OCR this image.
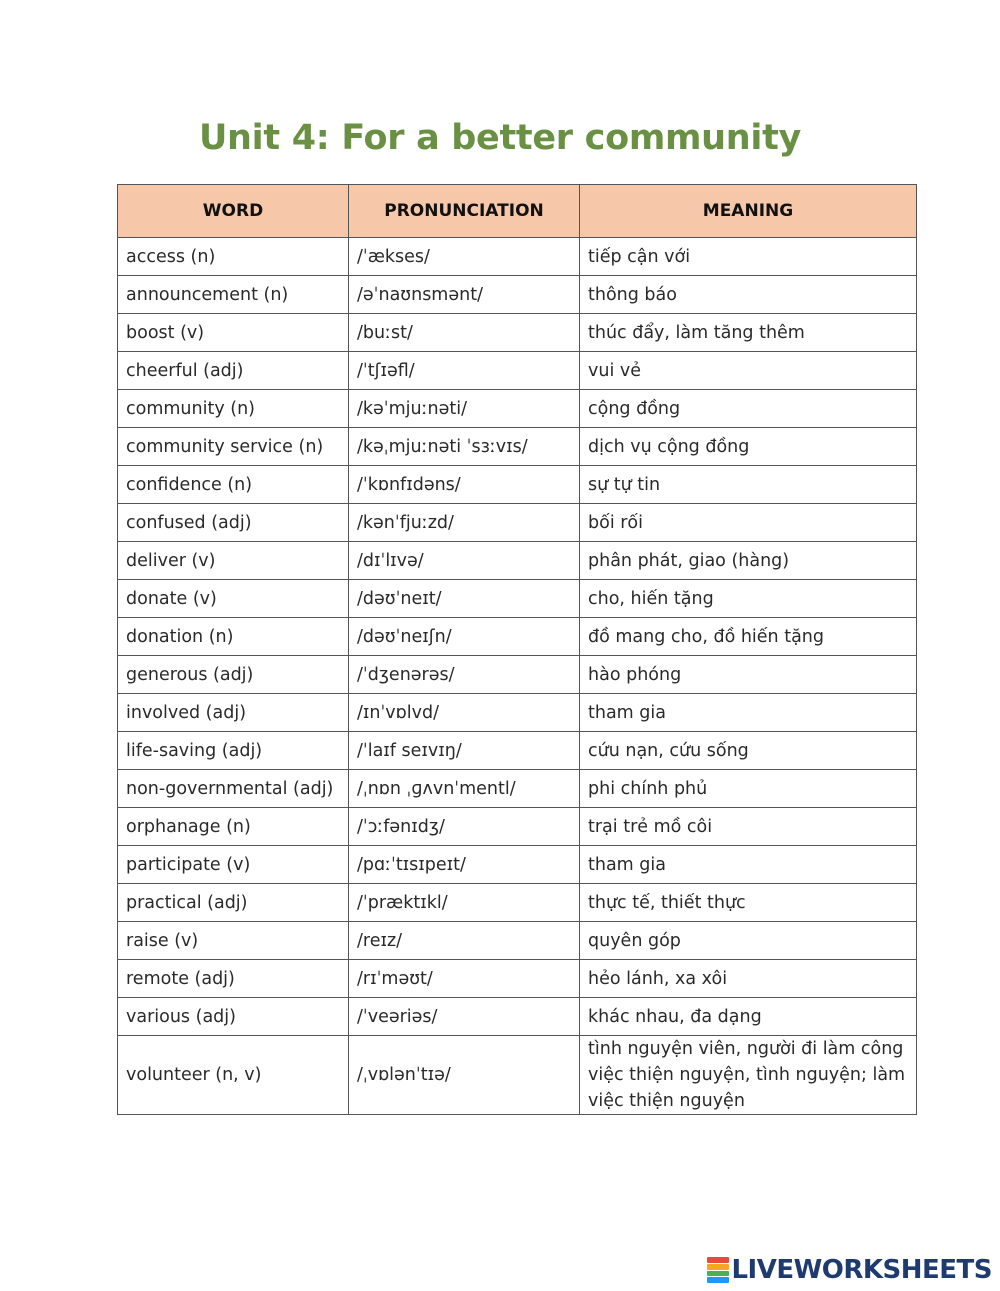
Unit 4: For a better community
WORD	PRONUNCIATION	MEANING
access (n)	/ˈækses/	tiếp cận với
announcement (n)	/əˈnaʊnsmənt/	thông báo
boost (v)	/buːst/	thúc đẩy, làm tăng thêm
cheerful (adj)	/ˈtʃɪəfl/	vui vẻ
community (n)	/kəˈmjuːnəti/	cộng đồng
community service (n)	/kəˌmjuːnəti ˈsɜːvɪs/	dịch vụ cộng đồng
confidence (n)	/ˈkɒnfɪdəns/	sự tự tin
confused (adj)	/kənˈfjuːzd/	bối rối
deliver (v)	/dɪˈlɪvə/	phân phát, giao (hàng)
donate (v)	/dəʊˈneɪt/	cho, hiến tặng
donation (n)	/dəʊˈneɪʃn/	đồ mang cho, đồ hiến tặng
generous (adj)	/ˈdʒenərəs/	hào phóng
involved (adj)	/ɪnˈvɒlvd/	tham gia
life-saving (adj)	/ˈlaɪf seɪvɪŋ/	cứu nạn, cứu sống
non-governmental (adj)	/ˌnɒn ˌɡʌvnˈmentl/	phi chính phủ
orphanage (n)	/ˈɔːfənɪdʒ/	trại trẻ mồ côi
participate (v)	/pɑːˈtɪsɪpeɪt/	tham gia
practical (adj)	/ˈpræktɪkl/	thực tế, thiết thực
raise (v)	/reɪz/	quyên góp
remote (adj)	/rɪˈməʊt/	hẻo lánh, xa xôi
various (adj)	/ˈveəriəs/	khác nhau, đa dạng
volunteer (n, v)	/ˌvɒlənˈtɪə/	tình nguyện viên, người đi làm công việc thiện nguyện, tình nguyện; làm việc thiện nguyện
LIVEWORKSHEETS
